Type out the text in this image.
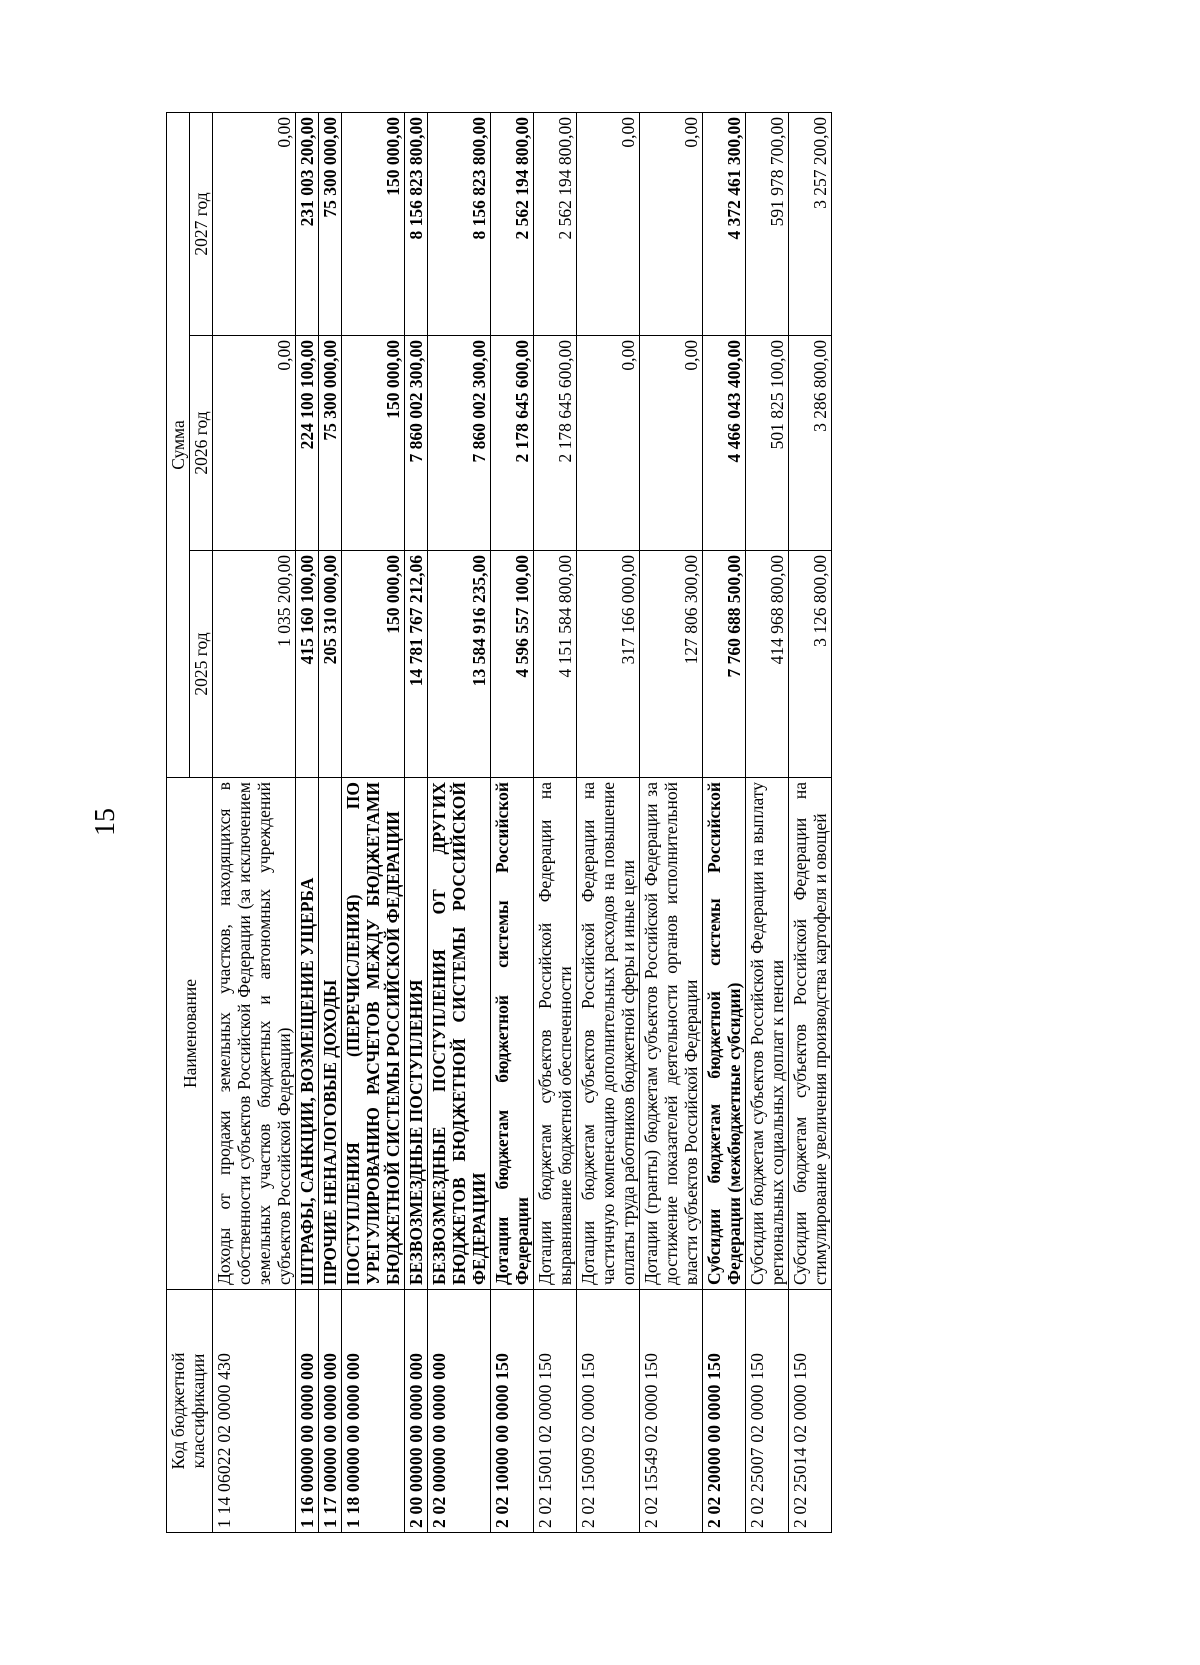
15
Код бюджетной классификации	Наименование	Сумма		
		2025 год	2026 год	2027 год
1 14 06022 02 0000 430	Доходы от продажи земельных участков, находящихся в собственности субъектов Российской Федерации (за исключением земельных участков бюджетных и автономных учреждений субъектов Российской Федерации)	1 035 200,00	0,00	0,00
1 16 00000 00 0000 000	ШТРАФЫ, САНКЦИИ, ВОЗМЕЩЕНИЕ УЩЕРБА	415 160 100,00	224 100 100,00	231 003 200,00
1 17 00000 00 0000 000	ПРОЧИЕ НЕНАЛОГОВЫЕ ДОХОДЫ	205 310 000,00	75 300 000,00	75 300 000,00
1 18 00000 00 0000 000	ПОСТУПЛЕНИЯ (ПЕРЕЧИСЛЕНИЯ) ПО УРЕГУЛИРОВАНИЮ РАСЧЕТОВ МЕЖДУ БЮДЖЕТАМИ БЮДЖЕТНОЙ СИСТЕМЫ РОССИЙСКОЙ ФЕДЕРАЦИИ	150 000,00	150 000,00	150 000,00
2 00 00000 00 0000 000	БЕЗВОЗМЕЗДНЫЕ ПОСТУПЛЕНИЯ	14 781 767 212,06	7 860 002 300,00	8 156 823 800,00
2 02 00000 00 0000 000	БЕЗВОЗМЕЗДНЫЕ ПОСТУПЛЕНИЯ ОТ ДРУГИХ БЮДЖЕТОВ БЮДЖЕТНОЙ СИСТЕМЫ РОССИЙСКОЙ ФЕДЕРАЦИИ	13 584 916 235,00	7 860 002 300,00	8 156 823 800,00
2 02 10000 00 0000 150	Дотации бюджетам бюджетной системы Российской Федерации	4 596 557 100,00	2 178 645 600,00	2 562 194 800,00
2 02 15001 02 0000 150	Дотации бюджетам субъектов Российской Федерации на выравнивание бюджетной обеспеченности	4 151 584 800,00	2 178 645 600,00	2 562 194 800,00
2 02 15009 02 0000 150	Дотации бюджетам субъектов Российской Федерации на частичную компенсацию дополнительных расходов на повышение оплаты труда работников бюджетной сферы и иные цели	317 166 000,00	0,00	0,00
2 02 15549 02 0000 150	Дотации (гранты) бюджетам субъектов Российской Федерации за достижение показателей деятельности органов исполнительной власти субъектов Российской Федерации	127 806 300,00	0,00	0,00
2 02 20000 00 0000 150	Субсидии бюджетам бюджетной системы Российской Федерации (межбюджетные субсидии)	7 760 688 500,00	4 466 043 400,00	4 372 461 300,00
2 02 25007 02 0000 150	Субсидии бюджетам субъектов Российской Федерации на выплату региональных социальных доплат к пенсии	414 968 800,00	501 825 100,00	591 978 700,00
2 02 25014 02 0000 150	Субсидии бюджетам субъектов Российской Федерации на стимулирование увеличения производства картофеля и овощей	3 126 800,00	3 286 800,00	3 257 200,00
